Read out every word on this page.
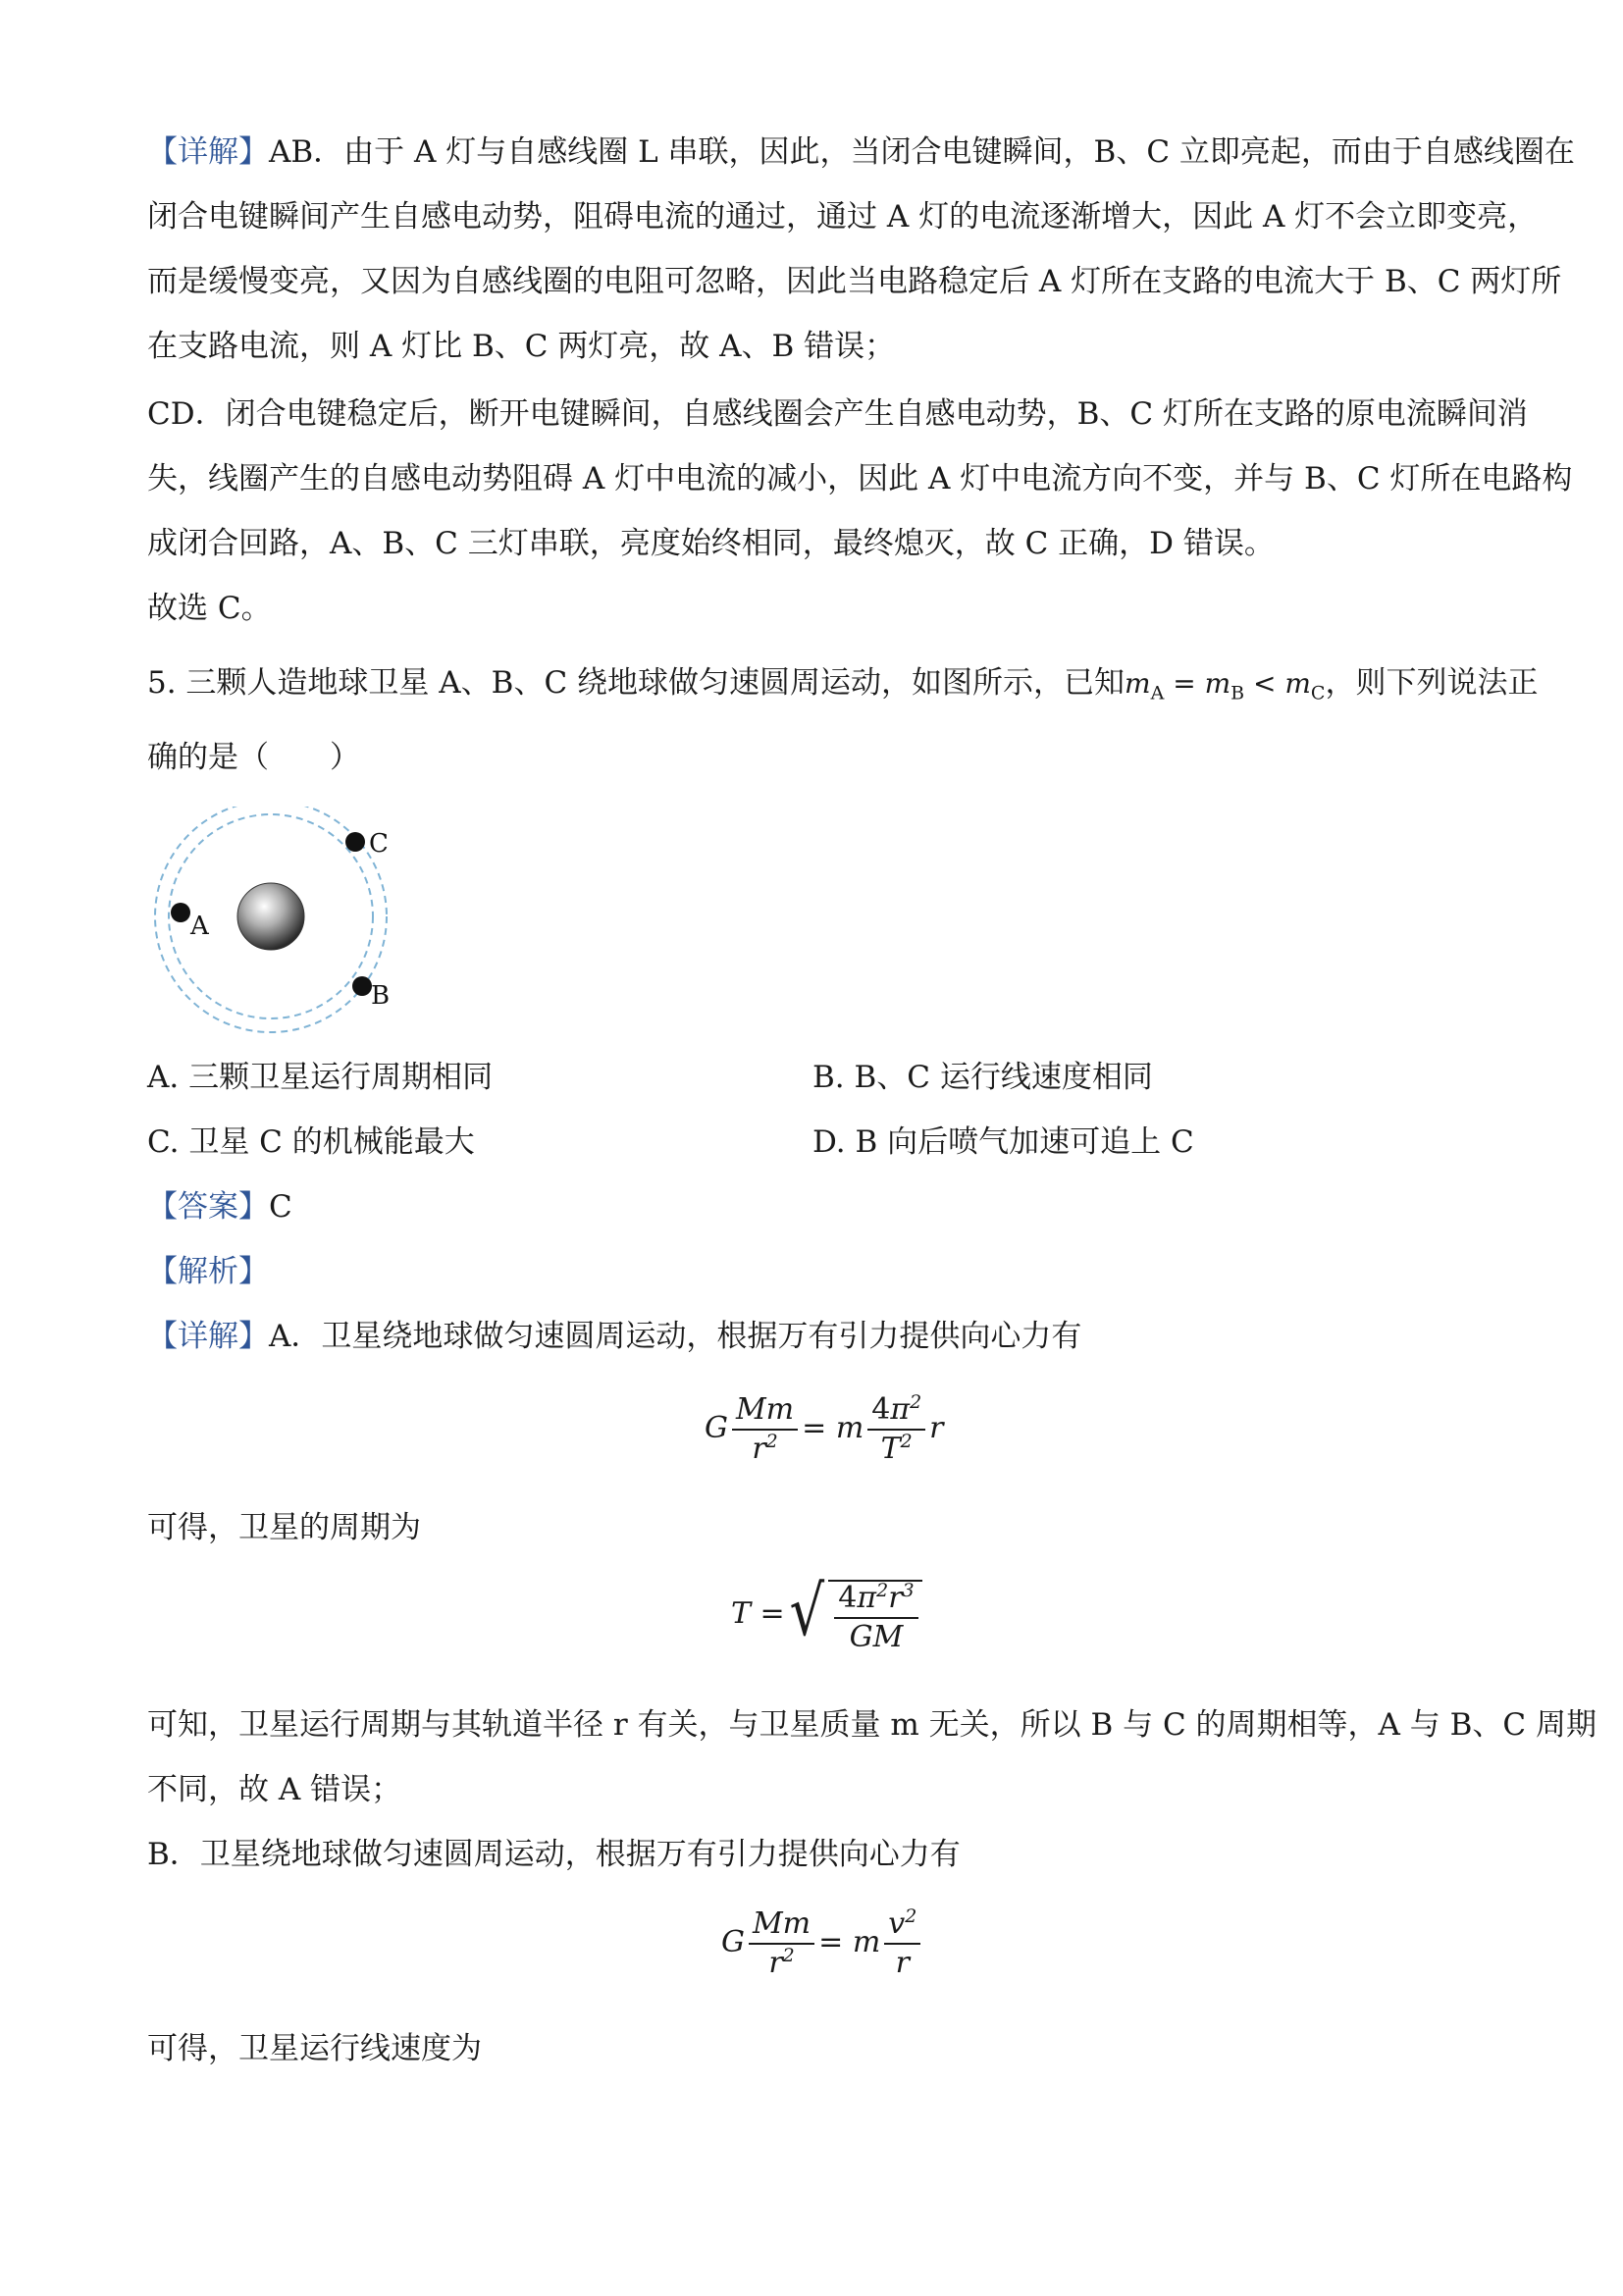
【详解】AB．由于 A 灯与自感线圈 L 串联，因此，当闭合电键瞬间，B、C 立即亮起，而由于自感线圈在
闭合电键瞬间产生自感电动势，阻碍电流的通过，通过 A 灯的电流逐渐增大，因此 A 灯不会立即变亮，
而是缓慢变亮，又因为自感线圈的电阻可忽略，因此当电路稳定后 A 灯所在支路的电流大于 B、C 两灯所
在支路电流，则 A 灯比 B、C 两灯亮，故 A、B 错误；
CD．闭合电键稳定后，断开电键瞬间，自感线圈会产生自感电动势，B、C 灯所在支路的原电流瞬间消
失，线圈产生的自感电动势阻碍 A 灯中电流的减小，因此 A 灯中电流方向不变，并与 B、C 灯所在电路构
成闭合回路，A、B、C 三灯串联，亮度始终相同，最终熄灭，故 C 正确，D 错误。
故选 C。
5. 三颗人造地球卫星 A、B、C 绕地球做匀速圆周运动，如图所示，已知$m_A = m_B < m_C$，则下列说法正
确的是（　　）
A
B
C
A. 三颗卫星运行周期相同	B. B、C 运行线速度相同
C. 卫星 C 的机械能最大	D. B 向后喷气加速可追上 C
【答案】C
【解析】
【详解】A．卫星绕地球做匀速圆周运动，根据万有引力提供向心力有
G $\frac{Mm}{r^2} = m \frac{4\pi^2}{T^2}$ r
可得，卫星的周期为
T = √ $\frac{4\pi^2r^3}{GM}$
可知，卫星运行周期与其轨道半径 r 有关，与卫星质量 m 无关，所以 B 与 C 的周期相等，A 与 B、C 周期
不同，故 A 错误；
B．卫星绕地球做匀速圆周运动，根据万有引力提供向心力有
G $\frac{Mm}{r^2} = m \frac{v^2}{r}$
可得，卫星运行线速度为
